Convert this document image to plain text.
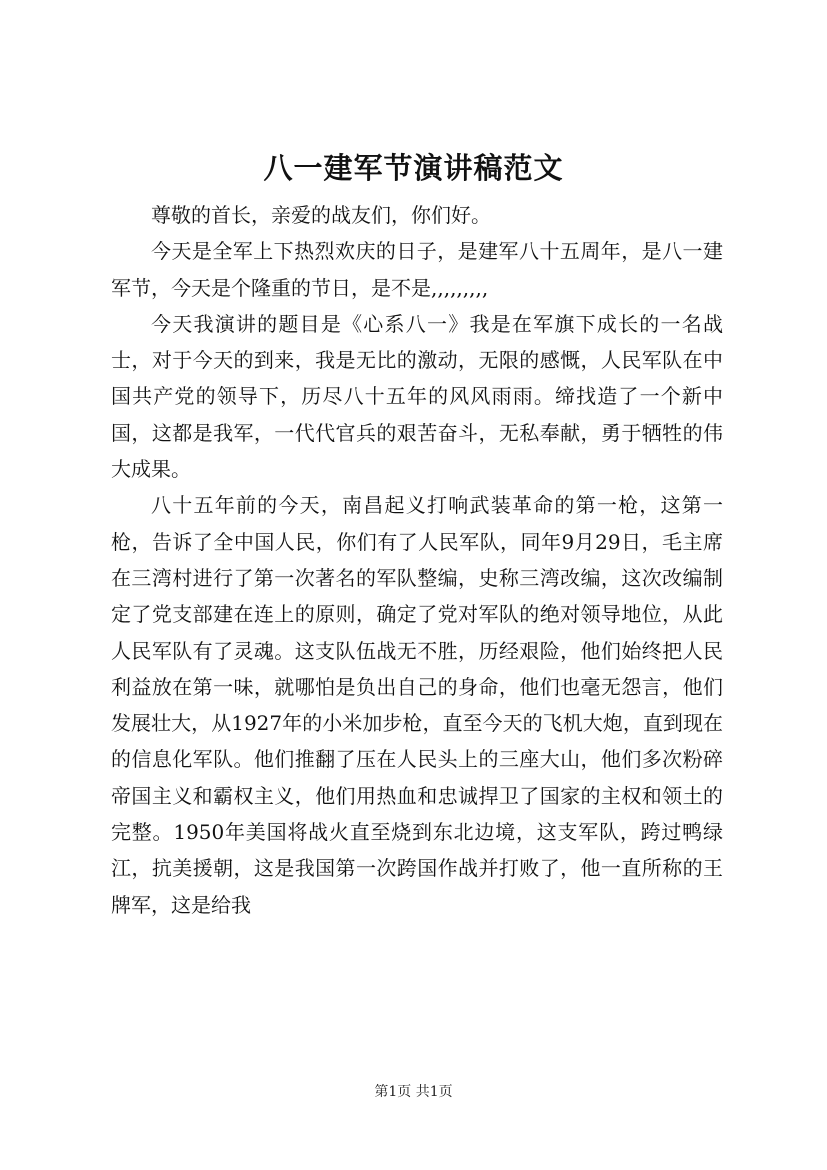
八一建军节演讲稿范文

尊敬的首长，亲爱的战友们，你们好。

今天是全军上下热烈欢庆的日子，是建军八十五周年，是八一建军节，今天是个隆重的节日，是不是,,,,,,,,,

今天我演讲的题目是《心系八一》我是在军旗下成长的一名战士，对于今天的到来，我是无比的激动，无限的感慨，人民军队在中国共产党的领导下，历尽八十五年的风风雨雨。缔找造了一个新中国，这都是我军，一代代官兵的艰苦奋斗，无私奉献，勇于牺牲的伟大成果。

八十五年前的今天，南昌起义打响武装革命的第一枪，这第一枪，告诉了全中国人民，你们有了人民军队，同年9月29日，毛主席在三湾村进行了第一次著名的军队整编，史称三湾改编，这次改编制定了党支部建在连上的原则，确定了党对军队的绝对领导地位，从此人民军队有了灵魂。这支队伍战无不胜，历经艰险，他们始终把人民利益放在第一味，就哪怕是负出自己的身命，他们也毫无怨言，他们发展壮大，从1927年的小米加步枪，直至今天的飞机大炮，直到现在的信息化军队。他们推翻了压在人民头上的三座大山，他们多次粉碎帝国主义和霸权主义，他们用热血和忠诚捍卫了国家的主权和领土的完整。1950年美国将战火直至烧到东北边境，这支军队，跨过鸭绿江，抗美援朝，这是我国第一次跨国作战并打败了，他一直所称的王牌军，这是给我

第1页 共1页
